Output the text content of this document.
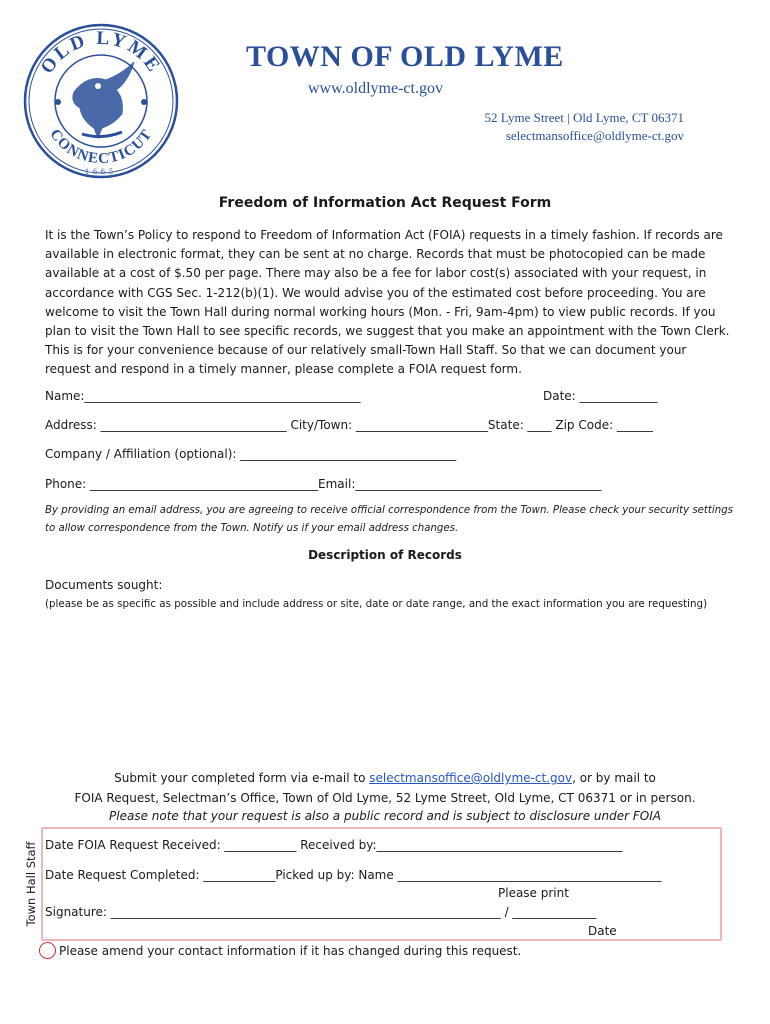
OLD LYME
CONNECTICUT
1665
TOWN OF OLD LYME
www.oldlyme-ct.gov
52 Lyme Street | Old Lyme, CT 06371
selectmansoffice@oldlyme-ct.gov
Freedom of Information Act Request Form
It is the Town’s Policy to respond to Freedom of Information Act (FOIA) requests in a timely fashion. If records are available in electronic format, they can be sent at no charge. Records that must be photocopied can be made available at a cost of $.50 per page. There may also be a fee for labor cost(s) associated with your request, in accordance with CGS Sec. 1-212(b)(1). We would advise you of the estimated cost before proceeding. You are welcome to visit the Town Hall during normal working hours (Mon. - Fri, 9am-4pm) to view public records. If you plan to visit the Town Hall to see specific records, we suggest that you make an appointment with the Town Clerk. This is for your convenience because of our relatively small-Town Hall Staff. So that we can document your request and respond in a timely manner, please complete a FOIA request form.
Name:______________________________________________	Date: _____________
Address: _______________________________ City/Town: ______________________State: ____ Zip Code: ______
Company / Affiliation (optional): ____________________________________
Phone: ______________________________________Email:_________________________________________
By providing an email address, you are agreeing to receive official correspondence from the Town. Please check your security settings to allow correspondence from the Town. Notify us if your email address changes.
Description of Records
Documents sought:
(please be as specific as possible and include address or site, date or date range, and the exact information you are requesting)
Submit your completed form via e-mail to selectmansoffice@oldlyme-ct.gov, or by mail to
FOIA Request, Selectman’s Office, Town of Old Lyme, 52 Lyme Street, Old Lyme, CT 06371 or in person.
Please note that your request is also a public record and is subject to disclosure under FOIA
Town Hall Staff Date FOIA Request Received: ____________ Received by:_________________________________________
Date Request Completed: ____________Picked up by: Name ____________________________________________
Please print
Signature: _________________________________________________________________ / ______________
Date
Please amend your contact information if it has changed during this request.
